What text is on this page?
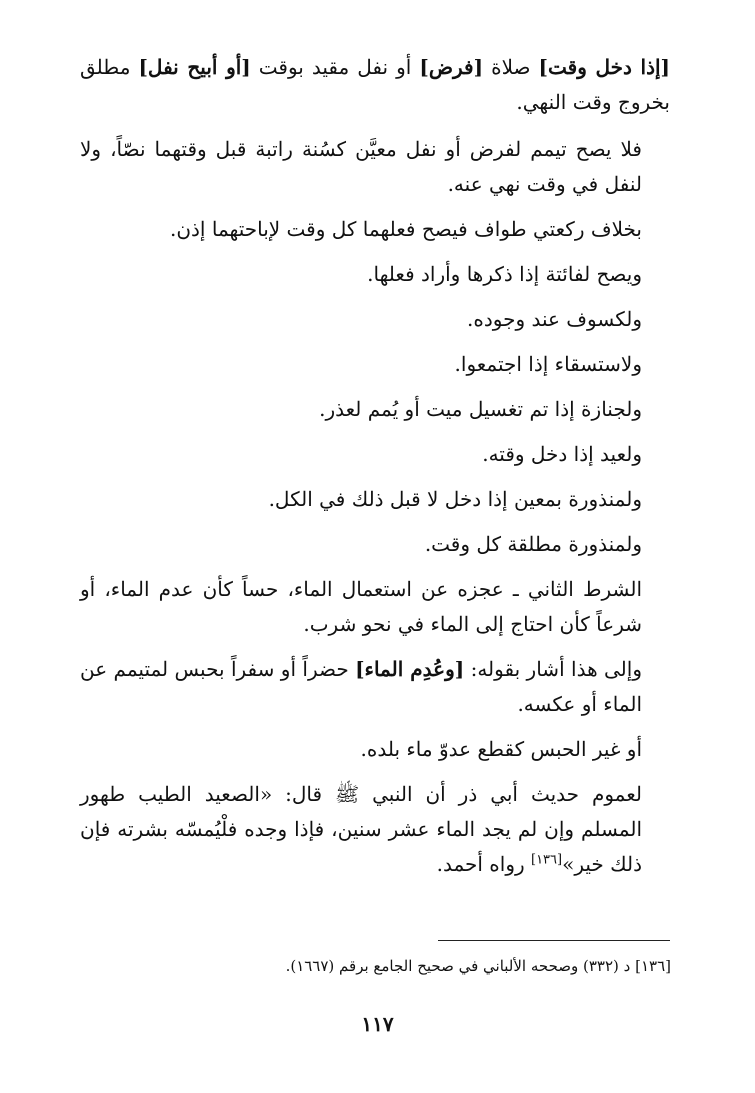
[إذا دخل وقت] صلاة [فرض] أو نفل مقيد بوقت [أو أبيح نفل] مطلق بخروج وقت النهي.

فلا يصح تيمم لفرض أو نفل معيَّن كسُنة راتبة قبل وقتهما نصّاً، ولا لنفل في وقت نهي عنه.

بخلاف ركعتي طواف فيصح فعلهما كل وقت لإباحتهما إذن.

ويصح لفائتة إذا ذكرها وأراد فعلها.

ولكسوف عند وجوده.

ولاستسقاء إذا اجتمعوا.

ولجنازة إذا تم تغسيل ميت أو يُمم لعذر.

ولعيد إذا دخل وقته.

ولمنذورة بمعين إذا دخل لا قبل ذلك في الكل.

ولمنذورة مطلقة كل وقت.

الشرط الثاني ـ عجزه عن استعمال الماء، حساً كأن عدم الماء، أو شرعاً كأن احتاج إلى الماء في نحو شرب.

وإلى هذا أشار بقوله: [وعُدِم الماء] حضراً أو سفراً بحبس لمتيمم عن الماء أو عكسه.

أو غير الحبس كقطع عدوّ ماء بلده.

لعموم حديث أبي ذر أن النبي ﷺ قال: «الصعيد الطيب طهور المسلم وإن لم يجد الماء عشر سنين، فإذا وجده فلْيُمسّه بشرته فإن ذلك خير»[١٣٦] رواه أحمد.

[١٣٦] د (٣٣٢) وصححه الألباني في صحيح الجامع برقم (١٦٦٧).
١١٧
